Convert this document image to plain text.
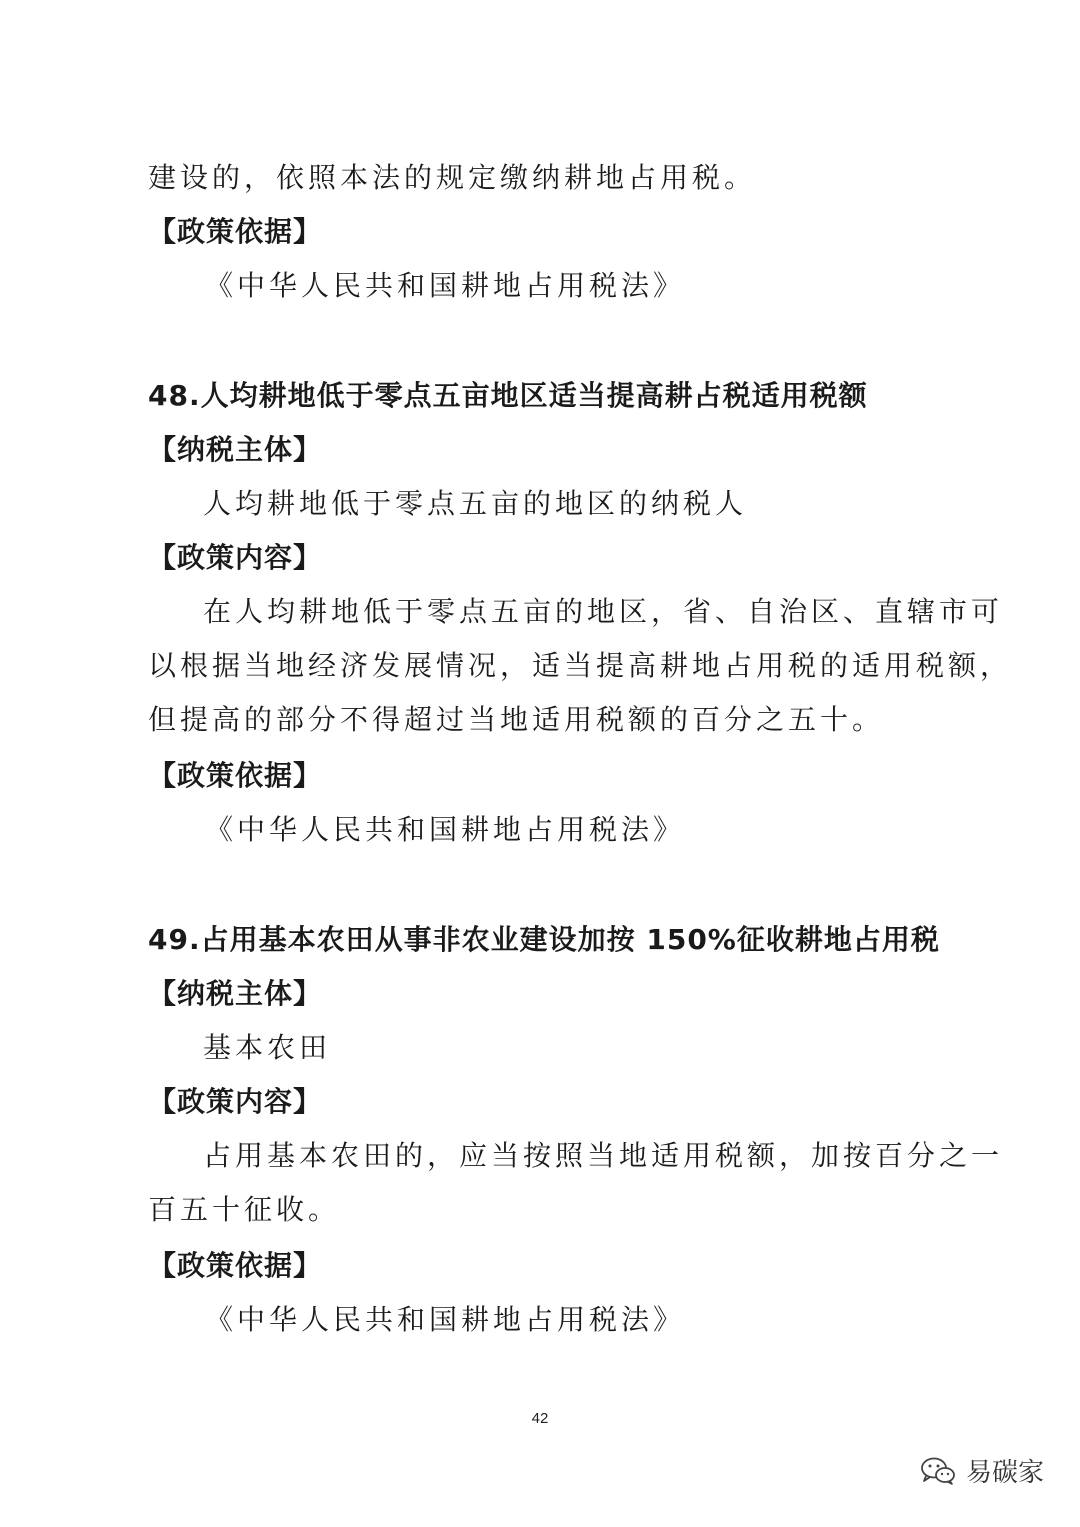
建设的，依照本法的规定缴纳耕地占用税。
【政策依据】
《中华人民共和国耕地占用税法》
48.人均耕地低于零点五亩地区适当提高耕占税适用税额
【纳税主体】
人均耕地低于零点五亩的地区的纳税人
【政策内容】
在人均耕地低于零点五亩的地区，省、自治区、直辖市可
以根据当地经济发展情况，适当提高耕地占用税的适用税额，
但提高的部分不得超过当地适用税额的百分之五十。
【政策依据】
《中华人民共和国耕地占用税法》
49.占用基本农田从事非农业建设加按 150%征收耕地占用税
【纳税主体】
基本农田
【政策内容】
占用基本农田的，应当按照当地适用税额，加按百分之一
百五十征收。
【政策依据】
《中华人民共和国耕地占用税法》
42
易碳家
